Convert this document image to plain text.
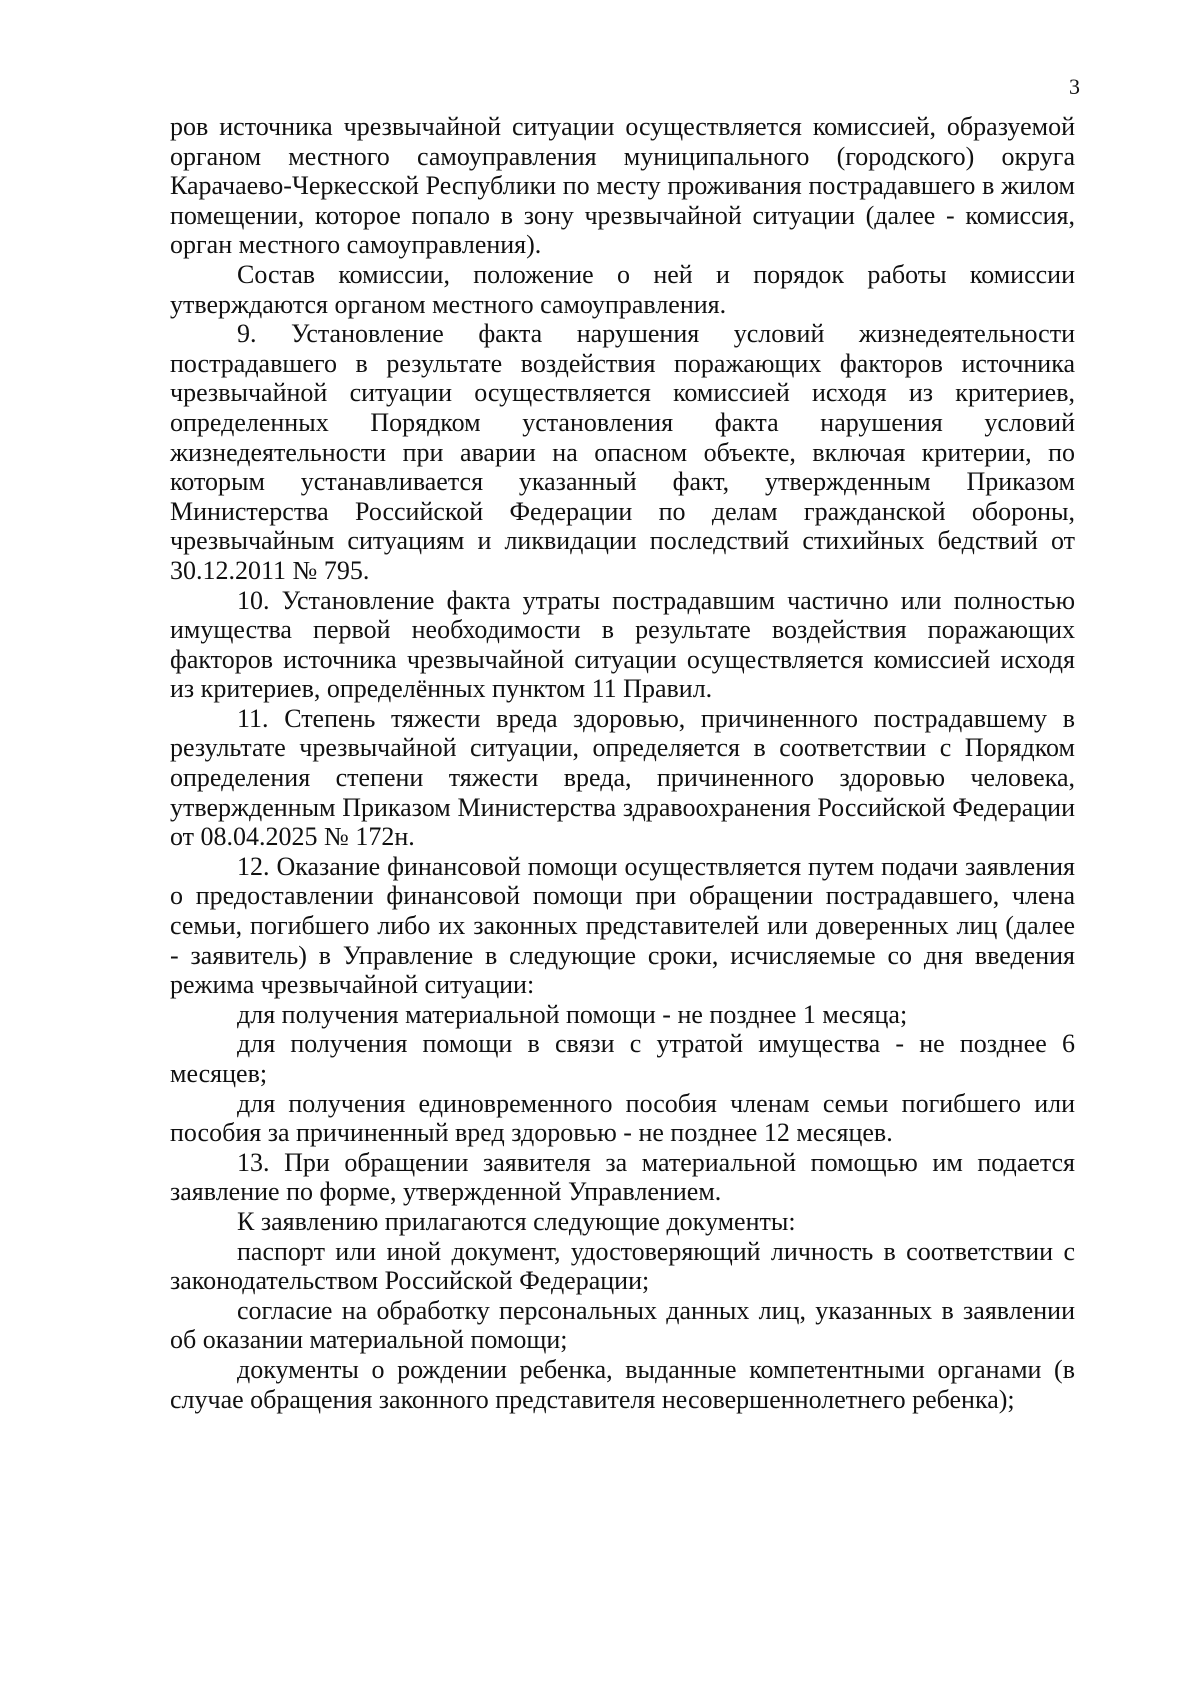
3

ров источника чрезвычайной ситуации осуществляется комиссией, образуемой органом местного самоуправления муниципального (городского) округа Карачаево-Черкесской Республики по месту проживания пострадавшего в жилом помещении, которое попало в зону чрезвычайной ситуации (далее - комиссия, орган местного самоуправления).

Состав комиссии, положение о ней и порядок работы комиссии утверждаются органом местного самоуправления.

9. Установление факта нарушения условий жизнедеятельности пострадавшего в результате воздействия поражающих факторов источника чрезвычайной ситуации осуществляется комиссией исходя из критериев, определенных Порядком установления факта нарушения условий жизнедеятельности при аварии на опасном объекте, включая критерии, по которым устанавливается указанный факт, утвержденным Приказом Министерства Российской Федерации по делам гражданской обороны, чрезвычайным ситуациям и ликвидации последствий стихийных бедствий от 30.12.2011 № 795.

10. Установление факта утраты пострадавшим частично или полностью имущества первой необходимости в результате воздействия поражающих факторов источника чрезвычайной ситуации осуществляется комиссией исходя из критериев, определённых пунктом 11 Правил.

11. Степень тяжести вреда здоровью, причиненного пострадавшему в результате чрезвычайной ситуации, определяется в соответствии с Порядком определения степени тяжести вреда, причиненного здоровью человека, утвержденным Приказом Министерства здравоохранения Российской Федерации от 08.04.2025 № 172н.

12. Оказание финансовой помощи осуществляется путем подачи заявления о предоставлении финансовой помощи при обращении пострадавшего, члена семьи, погибшего либо их законных представителей или доверенных лиц (далее - заявитель) в Управление в следующие сроки, исчисляемые со дня введения режима чрезвычайной ситуации:

для получения материальной помощи - не позднее 1 месяца;

для получения помощи в связи с утратой имущества - не позднее 6 месяцев;

для получения единовременного пособия членам семьи погибшего или пособия за причиненный вред здоровью - не позднее 12 месяцев.

13. При обращении заявителя за материальной помощью им подается заявление по форме, утвержденной Управлением.

К заявлению прилагаются следующие документы:

паспорт или иной документ, удостоверяющий личность в соответствии с законодательством Российской Федерации;

согласие на обработку персональных данных лиц, указанных в заявлении об оказании материальной помощи;

документы о рождении ребенка, выданные компетентными органами (в случае обращения законного представителя несовершеннолетнего ребенка);
